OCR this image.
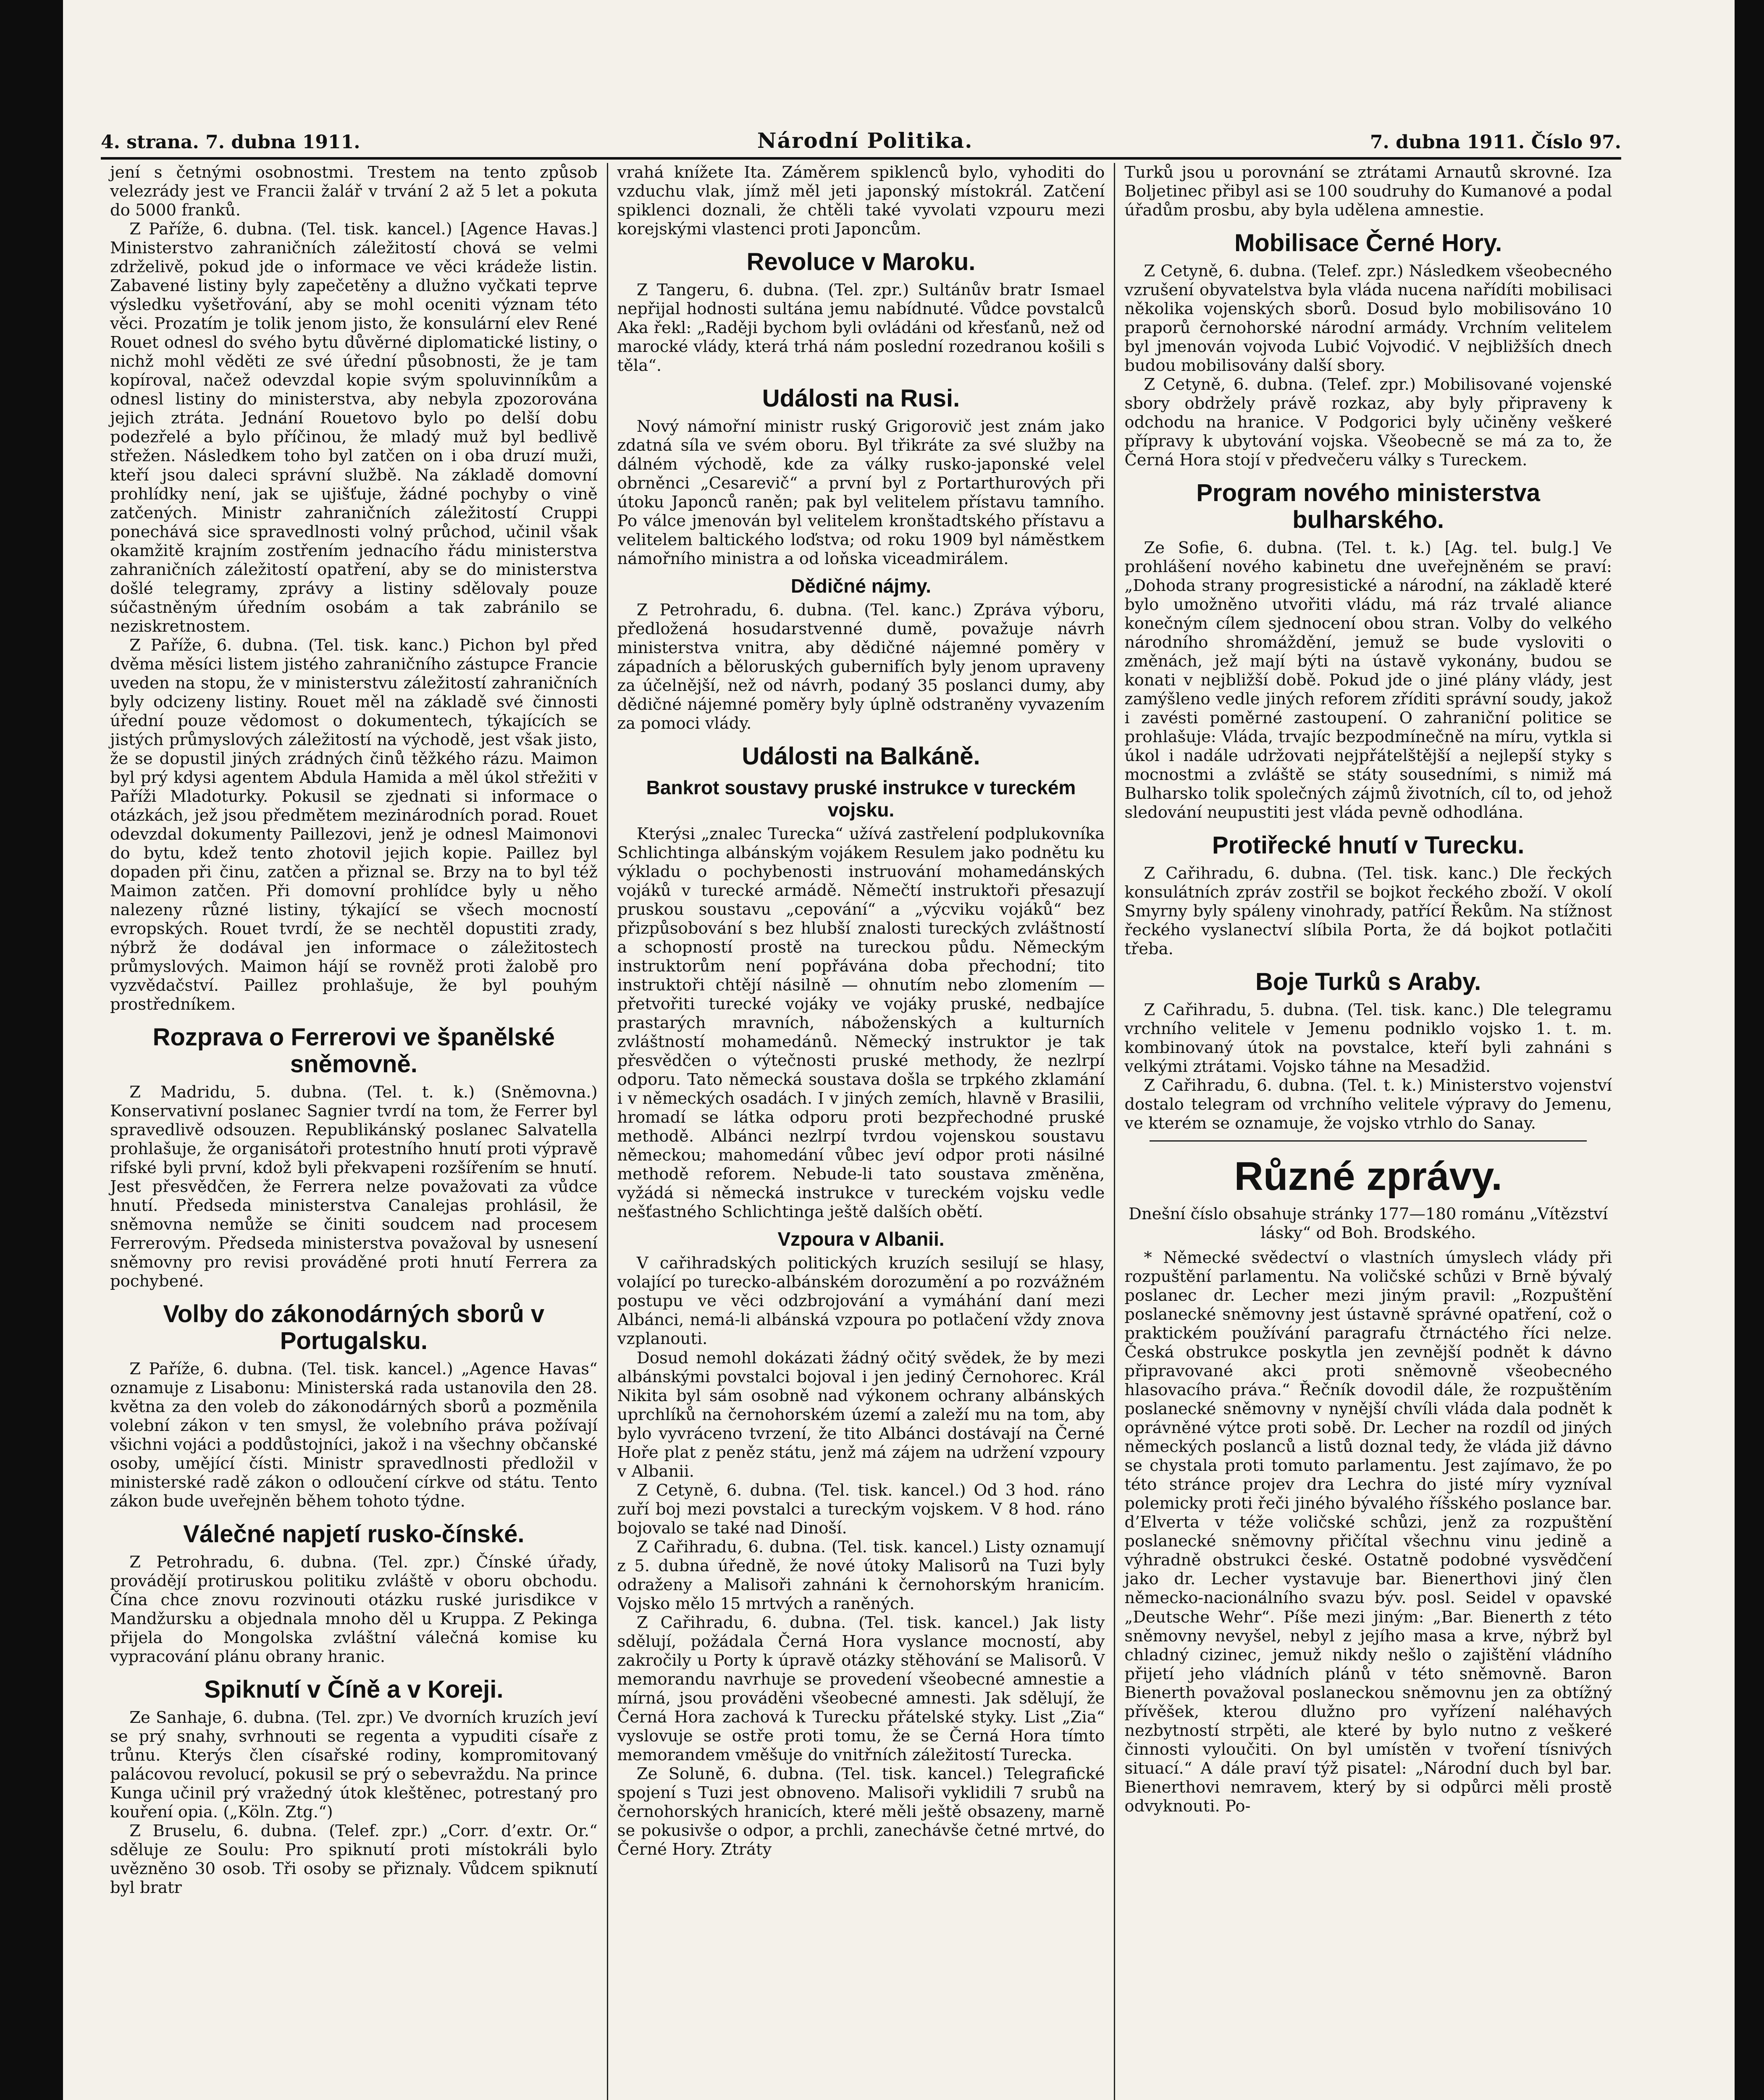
4. strana. 7. dubna 1911.	Národní Politika.	7. dubna 1911. Číslo 97.

jení s četnými osobnostmi. Trestem na tento způsob velezrády jest ve Francii žalář v trvání 2 až 5 let a pokuta do 5000 franků.

Z Paříže, 6. dubna. (Tel. tisk. kancel.) [Agence Havas.] Ministerstvo zahraničních záležitostí chová se velmi zdrželivě, pokud jde o informace ve věci krádeže listin. Zabavené listiny byly zapečetěny a dlužno vyčkati teprve výsledku vyšetřování, aby se mohl oceniti význam této věci. Prozatím je tolik jenom jisto, že konsulární elev René Rouet odnesl do svého bytu důvěrné diplomatické listiny, o nichž mohl věděti ze své úřední působnosti, že je tam kopíroval, načež odevzdal kopie svým spoluvinníkům a odnesl listiny do ministerstva, aby nebyla zpozorována jejich ztráta. Jednání Rouetovo bylo po delší dobu podezřelé a bylo příčinou, že mladý muž byl bedlivě střežen. Následkem toho byl zatčen on i oba druzí muži, kteří jsou daleci správní službě. Na základě domovní prohlídky není, jak se ujišťuje, žádné pochyby o vině zatčených. Ministr zahraničních záležitostí Cruppi ponechává sice spravedlnosti volný průchod, učinil však okamžitě krajním zostřením jednacího řádu ministerstva zahraničních záležitostí opatření, aby se do ministerstva došlé telegramy, zprávy a listiny sdělovaly pouze súčastněným úředním osobám a tak zabránilo se neziskretnostem.

Z Paříže, 6. dubna. (Tel. tisk. kanc.) Pichon byl před dvěma měsíci listem jistého zahraničního zástupce Francie uveden na stopu, že v ministerstvu záležitostí zahraničních byly odcizeny listiny. Rouet měl na základě své činnosti úřední pouze vědomost o dokumentech, týkajících se jistých průmyslových záležitostí na východě, jest však jisto, že se dopustil jiných zrádných činů těžkého rázu. Maimon byl prý kdysi agentem Abdula Hamida a měl úkol střežiti v Paříži Mladoturky. Pokusil se zjednati si informace o otázkách, jež jsou předmětem mezinárodních porad. Rouet odevzdal dokumenty Paillezovi, jenž je odnesl Maimonovi do bytu, kdež tento zhotovil jejich kopie. Paillez byl dopaden při činu, zatčen a přiznal se. Brzy na to byl též Maimon zatčen. Při domovní prohlídce byly u něho nalezeny různé listiny, týkající se všech mocností evropských. Rouet tvrdí, že se nechtěl dopustiti zrady, nýbrž že dodával jen informace o záležitostech průmyslových. Maimon hájí se rovněž proti žalobě pro vyzvědačství. Paillez prohlašuje, že byl pouhým prostředníkem.

Rozprava o Ferrerovi ve španělské sněmovně.

Z Madridu, 5. dubna. (Tel. t. k.) (Sněmovna.) Konservativní poslanec Sagnier tvrdí na tom, že Ferrer byl spravedlivě odsouzen. Republikánský poslanec Salvatella prohlašuje, že organisátoři protestního hnutí proti výpravě rifské byli první, kdož byli překvapeni rozšířením se hnutí. Jest přesvědčen, že Ferrera nelze považovati za vůdce hnutí. Předseda ministerstva Canalejas prohlásil, že sněmovna nemůže se činiti soudcem nad procesem Ferrerovým. Předseda ministerstva považoval by usnesení sněmovny pro revisi prováděné proti hnutí Ferrera za pochybené.

Volby do zákonodárných sborů v Portugalsku.

Z Paříže, 6. dubna. (Tel. tisk. kancel.) „Agence Havas“ oznamuje z Lisabonu: Ministerská rada ustanovila den 28. května za den voleb do zákonodárných sborů a pozměnila volební zákon v ten smysl, že volebního práva požívají všichni vojáci a poddůstojníci, jakož i na všechny občanské osoby, umějící čísti. Ministr spravedlnosti předložil v ministerské radě zákon o odloučení církve od státu. Tento zákon bude uveřejněn během tohoto týdne.

Válečné napjetí rusko-čínské.

Z Petrohradu, 6. dubna. (Tel. zpr.) Čínské úřady, provádějí protiruskou politiku zvláště v oboru obchodu. Čína chce znovu rozvinouti otázku ruské jurisdikce v Mandžursku a objednala mnoho děl u Kruppa. Z Pekinga přijela do Mongolska zvláštní válečná komise ku vypracování plánu obrany hranic.

Spiknutí v Číně a v Koreji.

Ze Sanhaje, 6. dubna. (Tel. zpr.) Ve dvorních kruzích jeví se prý snahy, svrhnouti se regenta a vypuditi císaře z trůnu. Kterýs člen císařské rodiny, kompromitovaný palácovou revolucí, pokusil se prý o sebevraždu. Na prince Kunga učinil prý vražedný útok kleštěnec, potrestaný pro kouření opia. („Köln. Ztg.“)

Z Bruselu, 6. dubna. (Telef. zpr.) „Corr. d’extr. Or.“ sděluje ze Soulu: Pro spiknutí proti místokráli bylo uvězněno 30 osob. Tři osoby se přiznaly. Vůdcem spiknutí byl bratr

vrahá knížete Ita. Záměrem spiklenců bylo, vyhoditi do vzduchu vlak, jímž měl jeti japonský místokrál. Zatčení spiklenci doznali, že chtěli také vyvolati vzpouru mezi korejskými vlastenci proti Japoncům.

Revoluce v Maroku.

Z Tangeru, 6. dubna. (Tel. zpr.) Sultánův bratr Ismael nepřijal hodnosti sultána jemu nabídnuté. Vůdce povstalců Aka řekl: „Raději bychom byli ovládáni od křesťanů, než od marocké vlády, která trhá nám poslední rozedranou košili s těla“.

Události na Rusi.

Nový námořní ministr ruský Grigorovič jest znám jako zdatná síla ve svém oboru. Byl třikráte za své služby na dálném východě, kde za války rusko-japonské velel obrněnci „Cesarevič“ a první byl z Portarthurových při útoku Japonců raněn; pak byl velitelem přístavu tamního. Po válce jmenován byl velitelem kronštadtského přístavu a velitelem baltického loďstva; od roku 1909 byl náměstkem námořního ministra a od loňska viceadmirálem.

Dědičné nájmy.

Z Petrohradu, 6. dubna. (Tel. kanc.) Zpráva výboru, předložená hosudarstvenné dumě, považuje návrh ministerstva vnitra, aby dědičné nájemné poměry v západních a běloruských gubernifích byly jenom upraveny za účelnější, než od návrh, podaný 35 poslanci dumy, aby dědičné nájemné poměry byly úplně odstraněny vyvazením za pomoci vlády.

Události na Balkáně.
Bankrot soustavy pruské instrukce v tureckém vojsku.

Kterýsi „znalec Turecka“ užívá zastřelení podplukovníka Schlichtinga albánským vojákem Resulem jako podnětu ku výkladu o pochybenosti instruování mohamedánských vojáků v turecké armádě. Němečtí instruktoři přesazují pruskou soustavu „cepování“ a „výcviku vojáků“ bez přizpůsobování s bez hlubší znalosti tureckých zvláštností a schopností prostě na tureckou půdu. Německým instruktorům není popřávána doba přechodní; tito instruktoři chtějí násilně — ohnutím nebo zlomením — přetvořiti turecké vojáky ve vojáky pruské, nedbajíce prastarých mravních, náboženských a kulturních zvláštností mohamedánů. Německý instruktor je tak přesvědčen o výtečnosti pruské methody, že nezlrpí odporu. Tato německá soustava došla se trpkého zklamání i v německých osadách. I v jiných zemích, hlavně v Brasilii, hromadí se látka odporu proti bezpřechodné pruské methodě. Albánci nezlrpí tvrdou vojenskou soustavu německou; mahomedání vůbec jeví odpor proti násilné methodě reforem. Nebude-li tato soustava změněna, vyžádá si německá instrukce v tureckém vojsku vedle nešťastného Schlichtinga ještě dalších obětí.

Vzpoura v Albanii.

V cařihradských politických kruzích sesilují se hlasy, volající po turecko-albánském dorozumění a po rozvážném postupu ve věci odzbrojování a vymáhání daní mezi Albánci, nemá-li albánská vzpoura po potlačení vždy znova vzplanouti.

Dosud nemohl dokázati žádný očitý svědek, že by mezi albánskými povstalci bojoval i jen jediný Černohorec. Král Nikita byl sám osobně nad výkonem ochrany albánských uprchlíků na černohorském území a zaleží mu na tom, aby bylo vyvráceno tvrzení, že tito Albánci dostávají na Černé Hoře plat z peněz státu, jenž má zájem na udržení vzpoury v Albanii.

Z Cetyně, 6. dubna. (Tel. tisk. kancel.) Od 3 hod. ráno zuří boj mezi povstalci a tureckým vojskem. V 8 hod. ráno bojovalo se také nad Dinoší.

Z Cařihradu, 6. dubna. (Tel. tisk. kancel.) Listy oznamují z 5. dubna úředně, že nové útoky Malisorů na Tuzi byly odraženy a Malisoři zahnáni k černohorským hranicím. Vojsko mělo 15 mrtvých a raněných.

Z Cařihradu, 6. dubna. (Tel. tisk. kancel.) Jak listy sdělují, požádala Černá Hora vyslance mocností, aby zakročily u Porty k úpravě otázky stěhování se Malisorů. V memorandu navrhuje se provedení všeobecné amnestie a mírná, jsou prováděni všeobecné amnesti. Jak sdělují, že Černá Hora zachová k Turecku přátelské styky. List „Zia“ vyslovuje se ostře proti tomu, že se Černá Hora tímto memorandem vměšuje do vnitřních záležitostí Turecka.

Ze Soluně, 6. dubna. (Tel. tisk. kancel.) Telegrafické spojení s Tuzi jest obnoveno. Malisoři vyklidili 7 srubů na černohorských hranicích, které měli ještě obsazeny, marně se pokusivše o odpor, a prchli, zanechávše četné mrtvé, do Černé Hory. Ztráty

Turků jsou u porovnání se ztrátami Arnautů skrovné. Iza Boljetinec přibyl asi se 100 soudruhy do Kumanové a podal úřadům prosbu, aby byla udělena amnestie.

Mobilisace Černé Hory.

Z Cetyně, 6. dubna. (Telef. zpr.) Následkem všeobecného vzrušení obyvatelstva byla vláda nucena nařídíti mobilisaci několika vojenských sborů. Dosud bylo mobilisováno 10 praporů černohorské národní armády. Vrchním velitelem byl jmenován vojvoda Lubić Vojvodić. V nejbližších dnech budou mobilisovány další sbory.

Z Cetyně, 6. dubna. (Telef. zpr.) Mobilisované vojenské sbory obdržely právě rozkaz, aby byly připraveny k odchodu na hranice. V Podgorici byly učiněny veškeré přípravy k ubytování vojska. Všeobecně se má za to, že Černá Hora stojí v předvečeru války s Tureckem.

Program nového ministerstva bulharského.

Ze Sofie, 6. dubna. (Tel. t. k.) [Ag. tel. bulg.] Ve prohlášení nového kabinetu dne uveřejněném se praví: „Dohoda strany progresistické a národní, na základě které bylo umožněno utvořiti vládu, má ráz trvalé aliance konečným cílem sjednocení obou stran. Volby do velkého národního shromáždění, jemuž se bude vysloviti o změnách, jež mají býti na ústavě vykonány, budou se konati v nejbližší době. Pokud jde o jiné plány vlády, jest zamýšleno vedle jiných reforem zříditi správní soudy, jakož i zavésti poměrné zastoupení. O zahraniční politice se prohlašuje: Vláda, trvajíc bezpodmínečně na míru, vytkla si úkol i nadále udržovati nejpřátelštější a nejlepší styky s mocnostmi a zvláště se státy sousedními, s nimiž má Bulharsko tolik společných zájmů životních, cíl to, od jehož sledování neupustiti jest vláda pevně odhodlána.

Protiřecké hnutí v Turecku.

Z Cařihradu, 6. dubna. (Tel. tisk. kanc.) Dle řeckých konsulátních zpráv zostřil se bojkot řeckého zboží. V okolí Smyrny byly spáleny vinohrady, patřící Řekům. Na stížnost řeckého vyslanectví slíbila Porta, že dá bojkot potlačiti třeba.

Boje Turků s Araby.

Z Cařihradu, 5. dubna. (Tel. tisk. kanc.) Dle telegramu vrchního velitele v Jemenu podniklo vojsko 1. t. m. kombinovaný útok na povstalce, kteří byli zahnáni s velkými ztrátami. Vojsko táhne na Mesadžid.

Z Cařihradu, 6. dubna. (Tel. t. k.) Ministerstvo vojenství dostalo telegram od vrchního velitele výpravy do Jemenu, ve kterém se oznamuje, že vojsko vtrhlo do Sanay.

Různé zprávy.
Dnešní číslo obsahuje stránky 177—180 románu „Vítězství lásky“ od Boh. Brodského.

* Německé svědectví o vlastních úmyslech vlády při rozpuštění parlamentu. Na voličské schůzi v Brně bývalý poslanec dr. Lecher mezi jiným pravil: „Rozpuštění poslanecké sněmovny jest ústavně správné opatření, což o praktickém používání paragrafu čtrnáctého říci nelze. Česká obstrukce poskytla jen zevnější podnět k dávno připravované akci proti sněmovně všeobecného hlasovacího práva.“ Řečník dovodil dále, že rozpuštěním poslanecké sněmovny v nynější chvíli vláda dala podnět k oprávněné výtce proti sobě. Dr. Lecher na rozdíl od jiných německých poslanců a listů doznal tedy, že vláda již dávno se chystala proti tomuto parlamentu. Jest zajímavo, že po této stránce projev dra Lechra do jisté míry vyzníval polemicky proti řeči jiného bývalého říšského poslance bar. d’Elverta v téže voličské schůzi, jenž za rozpuštění poslanecké sněmovny přičítal všechnu vinu jedině a výhradně obstrukci české. Ostatně podobné vysvědčení jako dr. Lecher vystavuje bar. Bienerthovi jiný člen německo-nacionálního svazu býv. posl. Seidel v opavské „Deutsche Wehr“. Píše mezi jiným: „Bar. Bienerth z této sněmovny nevyšel, nebyl z jejího masa a krve, nýbrž byl chladný cizinec, jemuž nikdy nešlo o zajištění vládního přijetí jeho vládních plánů v této sněmovně. Baron Bienerth považoval poslaneckou sněmovnu jen za obtížný přívěšek, kterou dlužno pro vyřízení naléhavých nezbytností strpěti, ale které by bylo nutno z veškeré činnosti vyloučiti. On byl umístěn v tvoření tísnivých situací.“ A dále praví týž pisatel: „Národní duch byl bar. Bienerthovi nemravem, který by si odpůrci měli prostě odvyknouti. Po-
